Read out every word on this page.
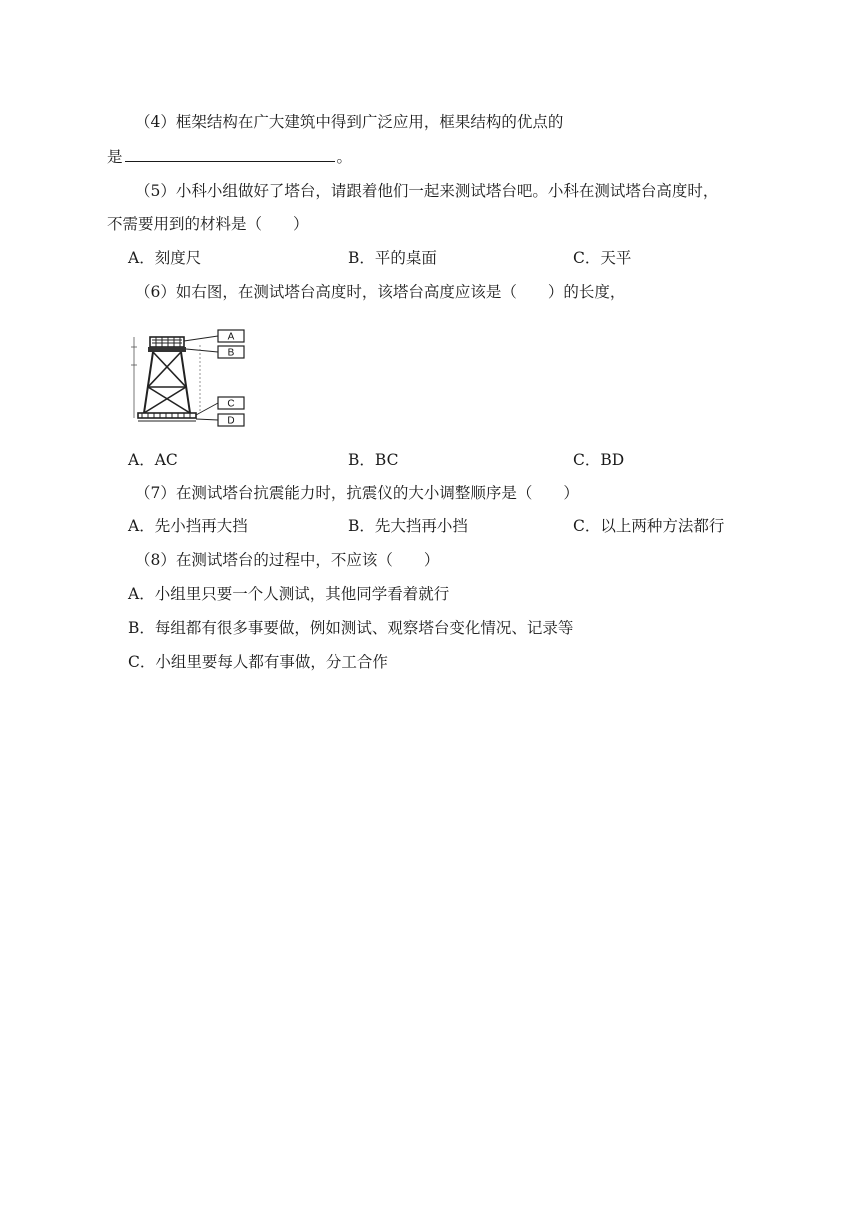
（4）框架结构在广大建筑中得到广泛应用，框果结构的优点的
是	。
（5）小科小组做好了塔台，请跟着他们一起来测试塔台吧。小科在测试塔台高度时，
不需要用到的材料是（　　）
A．刻度尺	B．平的桌面	C．天平
（6）如右图，在测试塔台高度时，该塔台高度应该是（　　）的长度，
A
B
C
D
A．AC	B．BC	C．BD
（7）在测试塔台抗震能力时，抗震仪的大小调整顺序是（　　）
A．先小挡再大挡	B．先大挡再小挡	C．以上两种方法都行
（8）在测试塔台的过程中，不应该（　　）
A．小组里只要一个人测试，其他同学看着就行
B．每组都有很多事要做，例如测试、观察塔台变化情况、记录等
C．小组里要每人都有事做，分工合作
